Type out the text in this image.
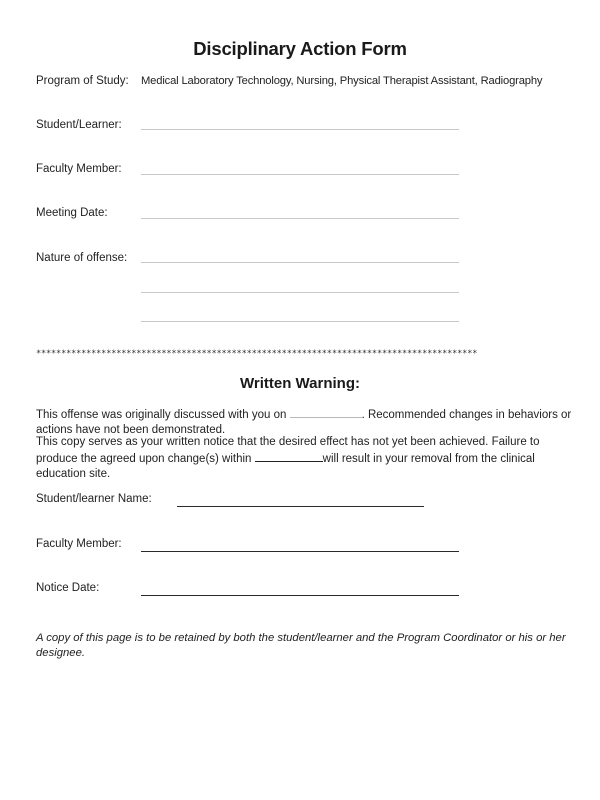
Disciplinary Action Form
Program of Study: Medical Laboratory Technology, Nursing, Physical Therapist Assistant, Radiography
Student/Learner:
Faculty Member:
Meeting Date:
Nature of offense:
****************************************************************************************
Written Warning:
This offense was originally discussed with you on	. Recommended changes in behaviors or actions have not been demonstrated.
This copy serves as your written notice that the desired effect has not yet been achieved. Failure to produce the agreed upon change(s) within	will result in your removal from the clinical education site.
Student/learner Name:
Faculty Member:
Notice Date:
A copy of this page is to be retained by both the student/learner and the Program Coordinator or his or her designee.
